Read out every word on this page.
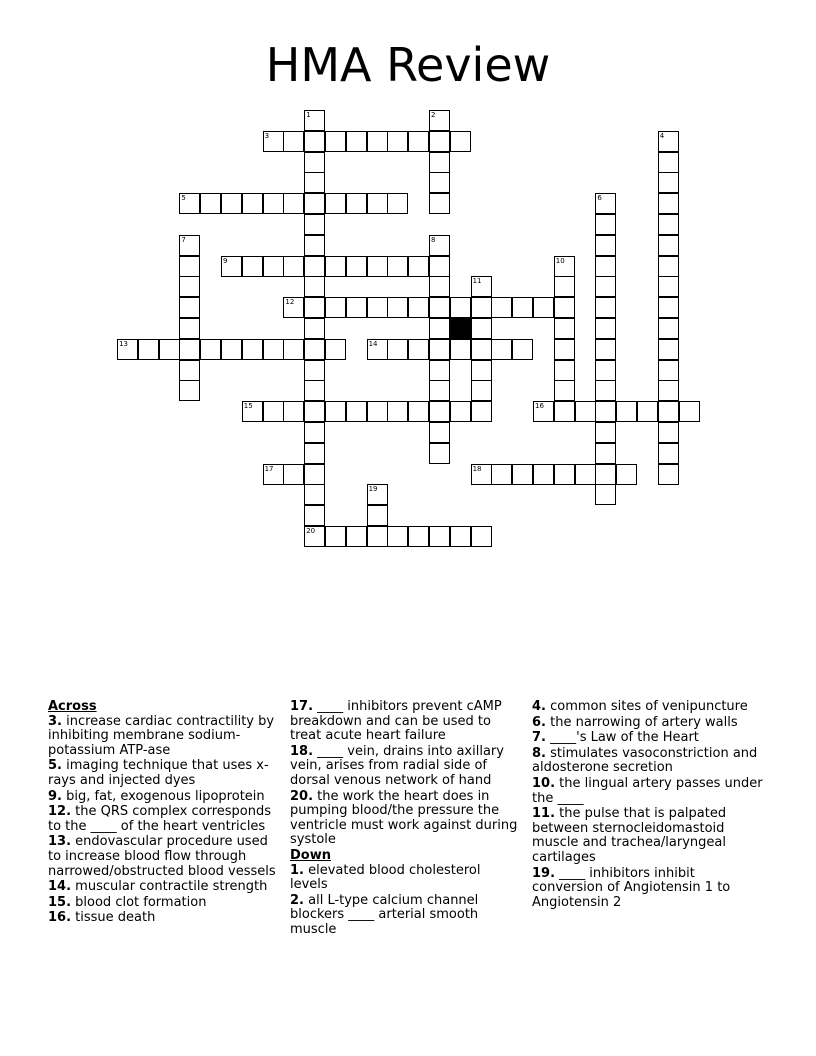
HMA Review
1
20
2
3	4
5	6
7	8
9	10
11
12
13	14
15	16
17	18
19
Across
3. increase cardiac contractility by inhibiting membrane sodium-potassium ATP-ase
5. imaging technique that uses x-rays and injected dyes
9. big, fat, exogenous lipoprotein
12. the QRS complex corresponds to the ____ of the heart ventricles
13. endovascular procedure used to increase blood flow through narrowed/obstructed blood vessels
14. muscular contractile strength
15. blood clot formation
16. tissue death
17. ____ inhibitors prevent cAMP breakdown and can be used to treat acute heart failure
18. ____ vein, drains into axillary vein, arises from radial side of dorsal venous network of hand
20. the work the heart does in pumping blood/the pressure the ventricle must work against during systole
Down
1. elevated blood cholesterol levels
2. all L-type calcium channel blockers ____ arterial smooth muscle
4. common sites of venipuncture
6. the narrowing of artery walls
7. ____'s Law of the Heart
8. stimulates vasoconstriction and aldosterone secretion
10. the lingual artery passes under the ____
11. the pulse that is palpated between sternocleidomastoid muscle and trachea/laryngeal cartilages
19. ____ inhibitors inhibit conversion of Angiotensin 1 to Angiotensin 2
